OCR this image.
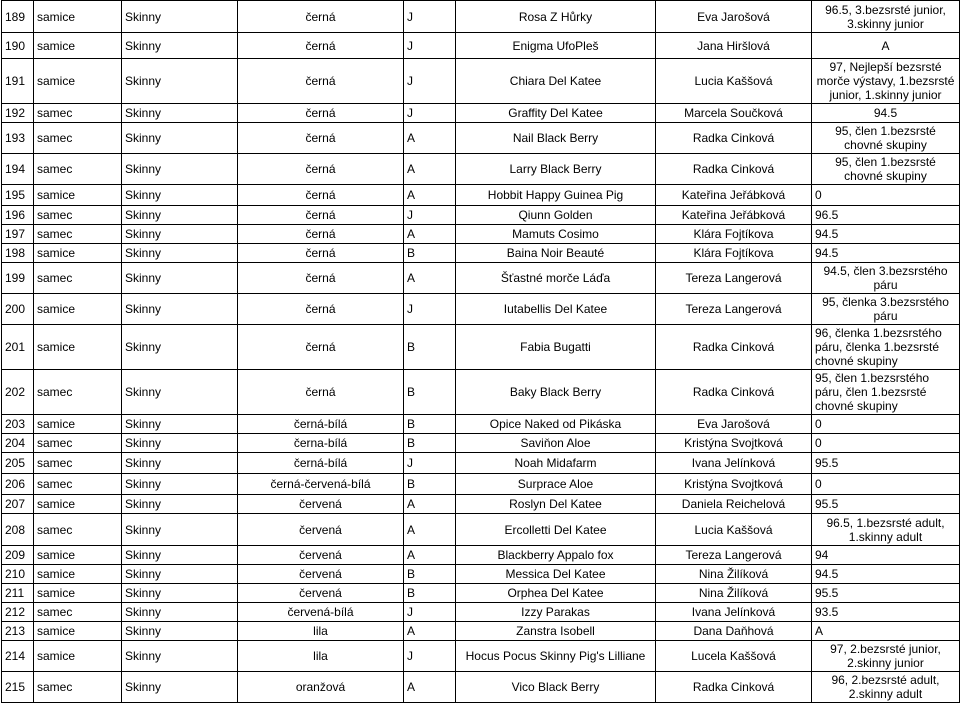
189	samice	Skinny	černá	J	Rosa Z Hůrky	Eva Jarošová	96.5, 3.bezsrsté junior, 3.skinny junior
190	samice	Skinny	černá	J	Enigma UfoPleš	Jana Hiršlová	A
191	samice	Skinny	černá	J	Chiara Del Katee	Lucia Kaššová	97, Nejlepší bezsrsté morče výstavy, 1.bezsrsté junior, 1.skinny junior
192	samec	Skinny	černá	J	Graffity Del Katee	Marcela Součková	94.5
193	samec	Skinny	černá	A	Nail Black Berry	Radka Cinková	95, člen 1.bezsrsté chovné skupiny
194	samec	Skinny	černá	A	Larry Black Berry	Radka Cinková	95, člen 1.bezsrsté chovné skupiny
195	samice	Skinny	černá	A	Hobbit Happy Guinea Pig	Kateřina Jeřábková	0
196	samec	Skinny	černá	J	Qiunn Golden	Kateřina Jeřábková	96.5
197	samec	Skinny	černá	A	Mamuts Cosimo	Klára Fojtíkova	94.5
198	samice	Skinny	černá	B	Baina Noir Beauté	Klára Fojtíkova	94.5
199	samec	Skinny	černá	A	Šťastné morče Láďa	Tereza Langerová	94.5, člen 3.bezsrstého páru
200	samice	Skinny	černá	J	Iutabellis Del Katee	Tereza Langerová	95, členka 3.bezsrstého páru
201	samice	Skinny	černá	B	Fabia Bugatti	Radka Cinková	96, členka 1.bezsrstého páru, členka 1.bezsrsté chovné skupiny
202	samec	Skinny	černá	B	Baky Black Berry	Radka Cinková	95, člen 1.bezsrstého páru, člen 1.bezsrsté chovné skupiny
203	samice	Skinny	černá-bílá	B	Opice Naked od Pikáska	Eva Jarošová	0
204	samec	Skinny	černa-bílá	B	Saviňon Aloe	Kristýna Svojtková	0
205	samec	Skinny	černá-bílá	J	Noah Midafarm	Ivana Jelínková	95.5
206	samec	Skinny	černá-červená-bílá	B	Surprace Aloe	Kristýna Svojtková	0
207	samice	Skinny	červená	A	Roslyn Del Katee	Daniela Reichelová	95.5
208	samec	Skinny	červená	A	Ercolletti Del Katee	Lucia Kaššová	96.5, 1.bezsrsté adult, 1.skinny adult
209	samice	Skinny	červená	A	Blackberry Appalo fox	Tereza Langerová	94
210	samice	Skinny	červená	B	Messica Del Katee	Nina Žilíková	94.5
211	samice	Skinny	červená	B	Orphea Del Katee	Nina Žilíková	95.5
212	samec	Skinny	červená-bílá	J	Izzy Parakas	Ivana Jelínková	93.5
213	samice	Skinny	lila	A	Zanstra Isobell	Dana Daňhová	A
214	samice	Skinny	lila	J	Hocus Pocus Skinny Pig's Lilliane	Lucela Kaššová	97, 2.bezsrsté junior, 2.skinny junior
215	samec	Skinny	oranžová	A	Vico Black Berry	Radka Cinková	96, 2.bezsrsté adult, 2.skinny adult
